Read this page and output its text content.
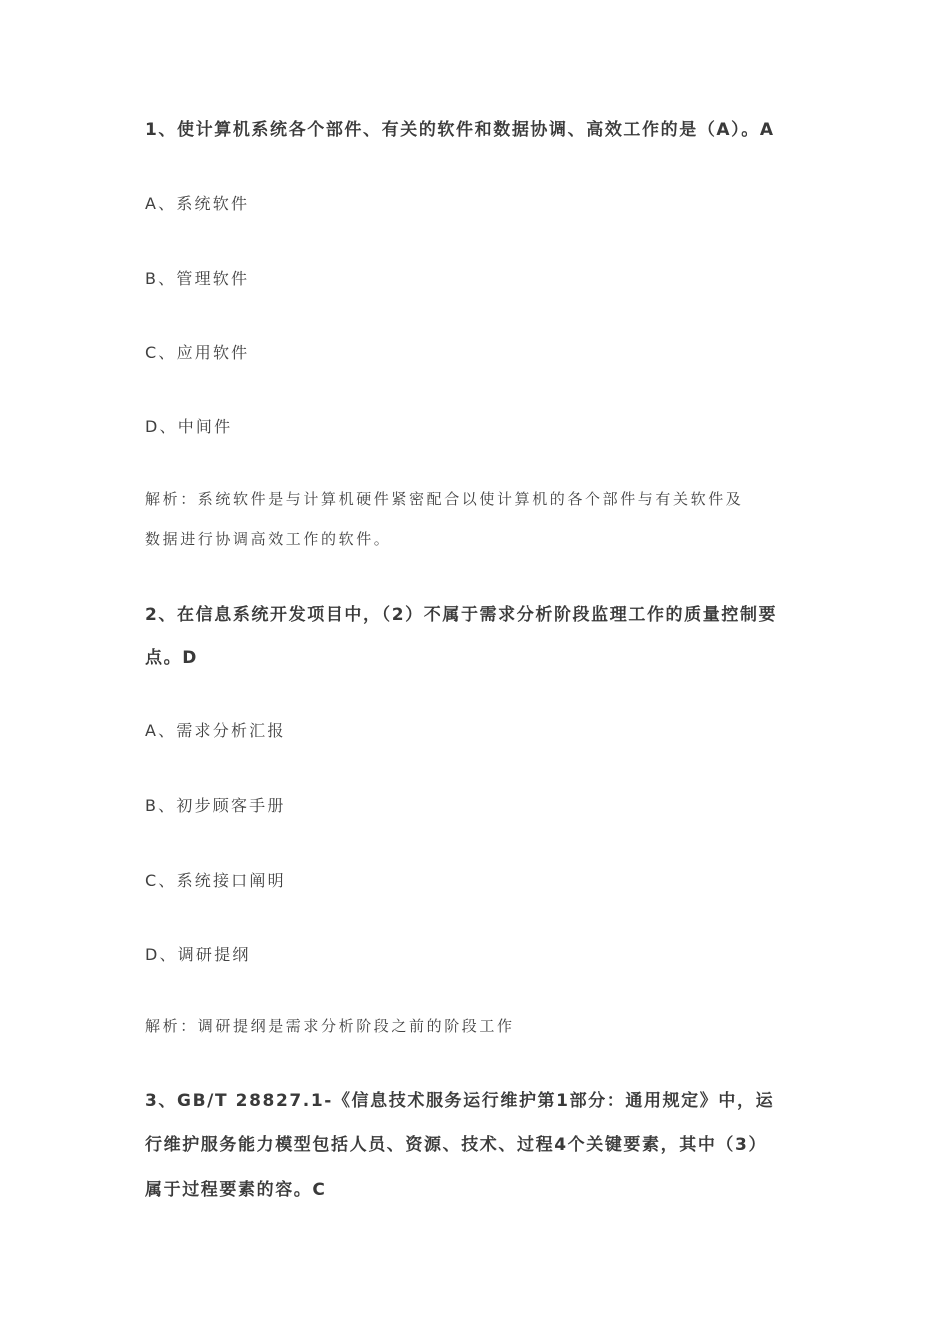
1、使计算机系统各个部件、有关的软件和数据协调、高效工作的是（A）。A
A、系统软件
B、管理软件
C、应用软件
D、中间件
解析：系统软件是与计算机硬件紧密配合以使计算机的各个部件与有关软件及
数据进行协调高效工作的软件。
2、在信息系统开发项目中，（2）不属于需求分析阶段监理工作的质量控制要
点。D
A、需求分析汇报
B、初步顾客手册
C、系统接口阐明
D、调研提纲
解析：调研提纲是需求分析阶段之前的阶段工作
3、GB/T 28827.1-《信息技术服务运行维护第1部分：通用规定》中，运
行维护服务能力模型包括人员、资源、技术、过程4个关键要素，其中（3）
属于过程要素的容。C
